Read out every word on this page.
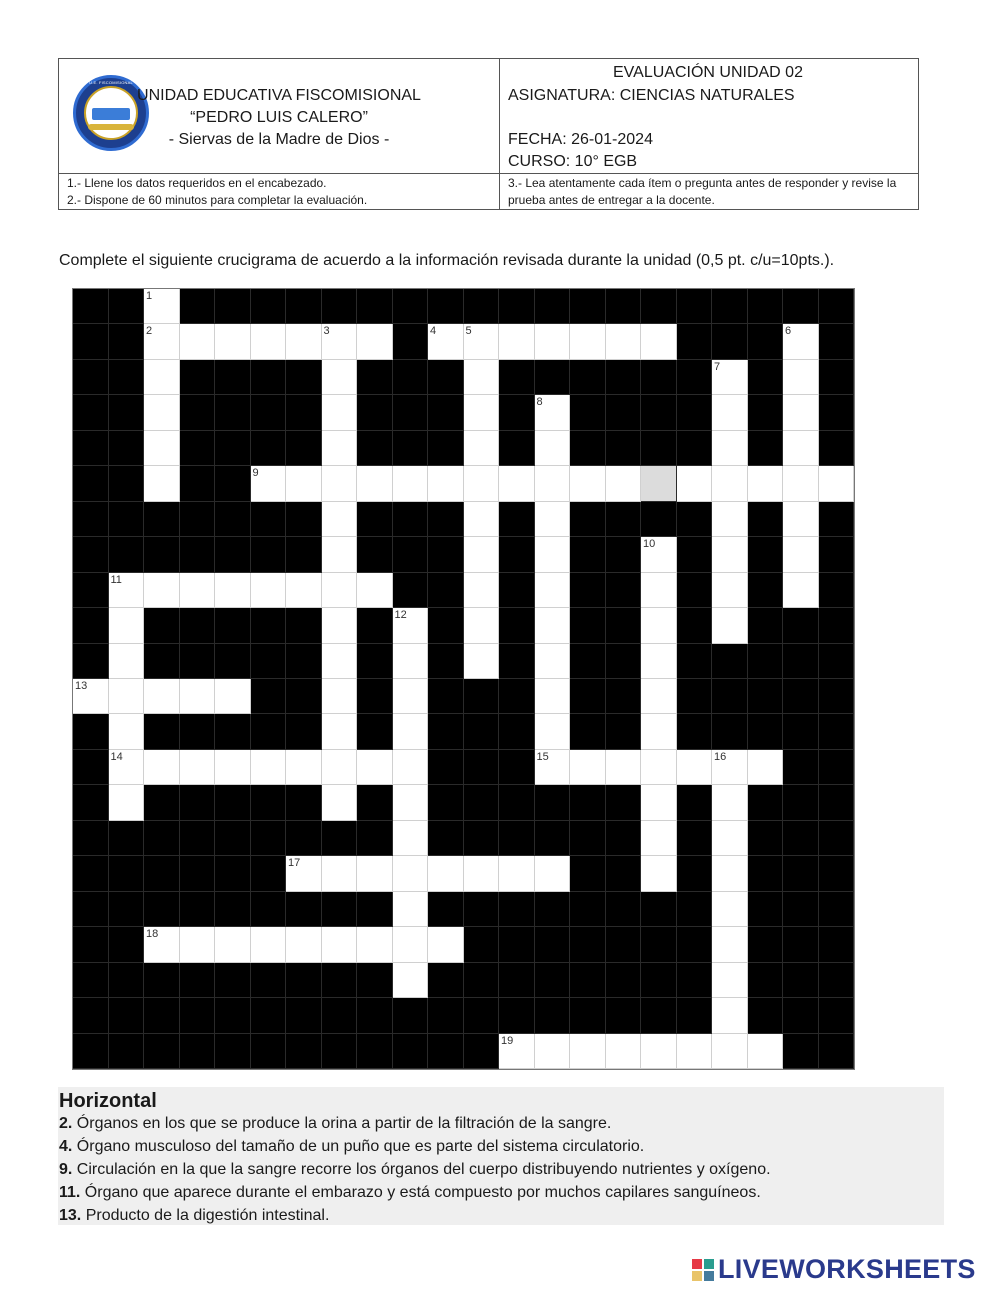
U.E. FISCOMISIONAL
UNIDAD EDUCATIVA FISCOMISIONAL
“PEDRO LUIS CALERO”
- Siervas de la Madre de Dios -
EVALUACIÓN UNIDAD 02
ASIGNATURA: CIENCIAS NATURALES
FECHA: 26-01-2024
CURSO: 10° EGB
1.- Llene los datos requeridos en el encabezado.
2.- Dispone de 60 minutos para completar la evaluación.
3.- Lea atentamente cada ítem o pregunta antes de responder y revise la prueba antes de entregar a la docente.
Complete el siguiente crucigrama de acuerdo a la información revisada durante la unidad (0,5 pt. c/u=10pts.).
1
2	3	4	5	6
7
8
9
10
11
12
13
14	15	16
17
18
19
Horizontal
2. Órganos en los que se produce la orina a partir de la filtración de la sangre.
4. Órgano musculoso del tamaño de un puño que es parte del sistema circulatorio.
9. Circulación en la que la sangre recorre los órganos del cuerpo distribuyendo nutrientes y oxígeno.
11. Órgano que aparece durante el embarazo y está compuesto por muchos capilares sanguíneos.
13. Producto de la digestión intestinal.
LIVEWORKSHEETS
